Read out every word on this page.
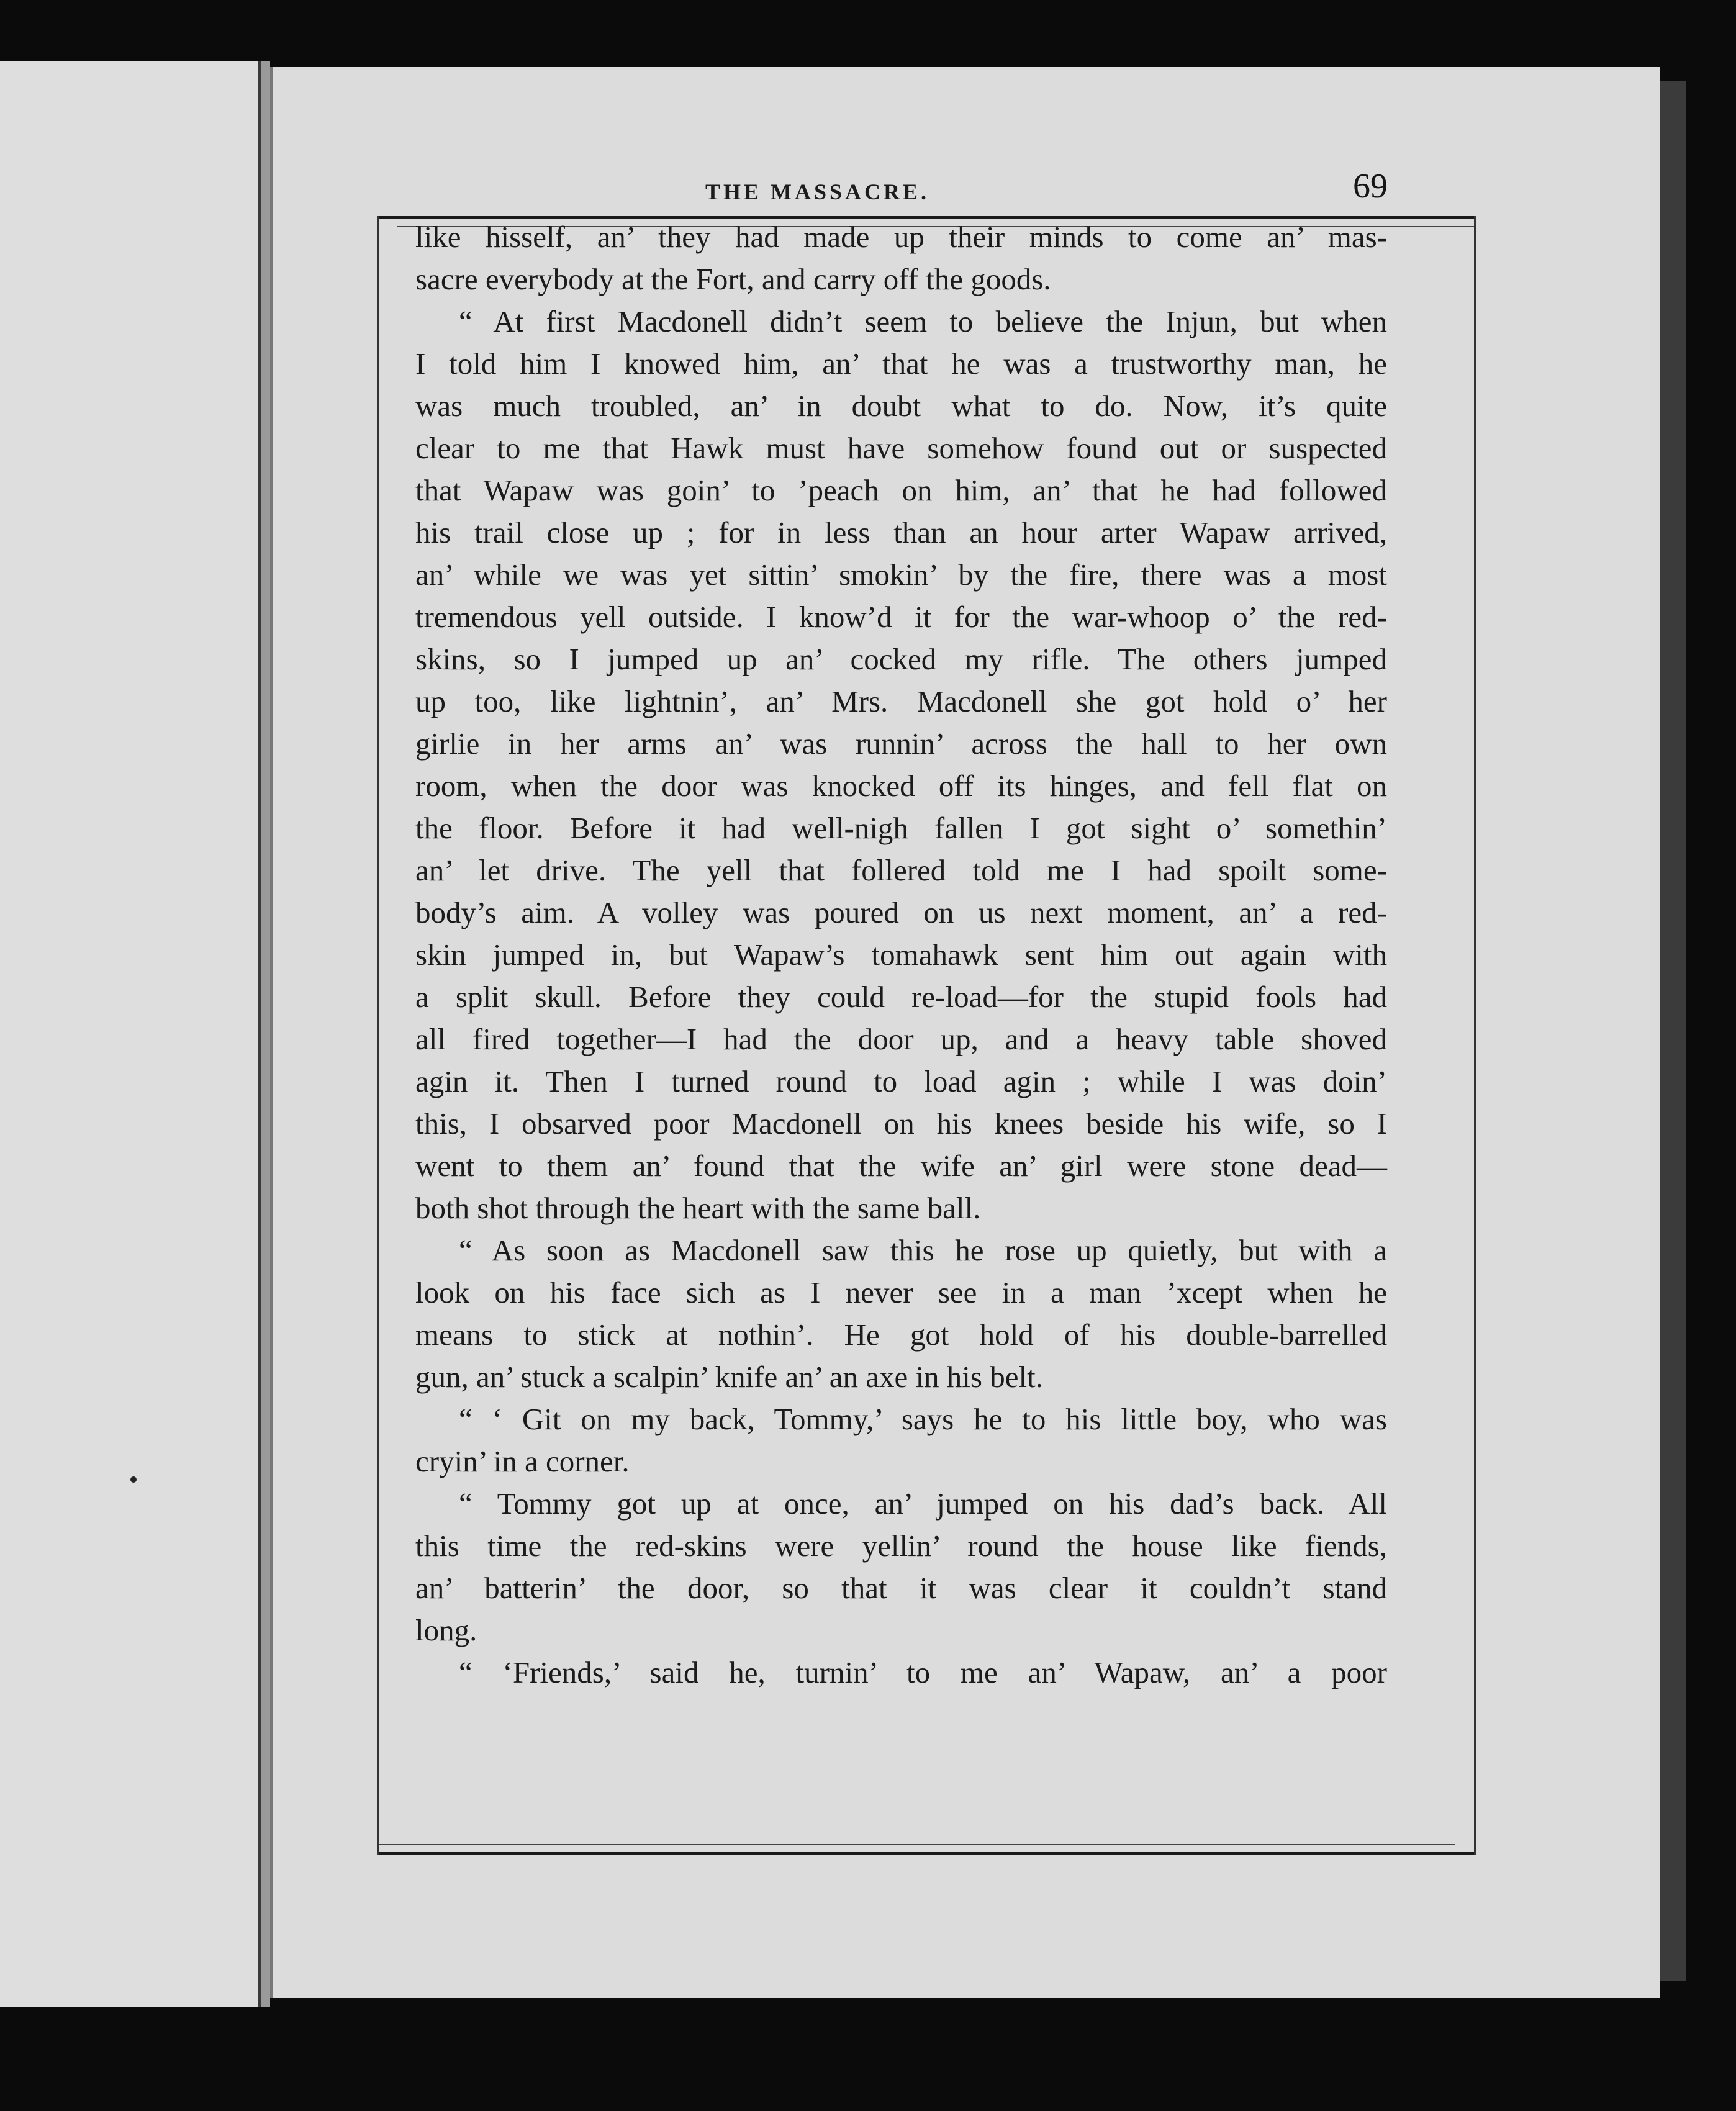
THE MASSACRE.	69
like hisself, an’ they had made up their minds to come an’ mas-
sacre everybody at the Fort, and carry off the goods.
“ At first Macdonell didn’t seem to believe the Injun, but when
I told him I knowed him, an’ that he was a trustworthy man, he
was much troubled, an’ in doubt what to do. Now, it’s quite
clear to me that Hawk must have somehow found out or suspected
that Wapaw was goin’ to ’peach on him, an’ that he had followed
his trail close up ; for in less than an hour arter Wapaw arrived,
an’ while we was yet sittin’ smokin’ by the fire, there was a most
tremendous yell outside. I know’d it for the war-whoop o’ the red-
skins, so I jumped up an’ cocked my rifle. The others jumped
up too, like lightnin’, an’ Mrs. Macdonell she got hold o’ her
girlie in her arms an’ was runnin’ across the hall to her own
room, when the door was knocked off its hinges, and fell flat on
the floor. Before it had well-nigh fallen I got sight o’ somethin’
an’ let drive. The yell that follered told me I had spoilt some-
body’s aim. A volley was poured on us next moment, an’ a red-
skin jumped in, but Wapaw’s tomahawk sent him out again with
a split skull. Before they could re-load—for the stupid fools had
all fired together—I had the door up, and a heavy table shoved
agin it. Then I turned round to load agin ; while I was doin’
this, I obsarved poor Macdonell on his knees beside his wife, so I
went to them an’ found that the wife an’ girl were stone dead—
both shot through the heart with the same ball.
“ As soon as Macdonell saw this he rose up quietly, but with a
look on his face sich as I never see in a man ’xcept when he
means to stick at nothin’. He got hold of his double-barrelled
gun, an’ stuck a scalpin’ knife an’ an axe in his belt.
“ ‘ Git on my back, Tommy,’ says he to his little boy, who was
cryin’ in a corner.
“ Tommy got up at once, an’ jumped on his dad’s back. All
this time the red-skins were yellin’ round the house like fiends,
an’ batterin’ the door, so that it was clear it couldn’t stand
long.
“ ‘Friends,’ said he, turnin’ to me an’ Wapaw, an’ a poor
